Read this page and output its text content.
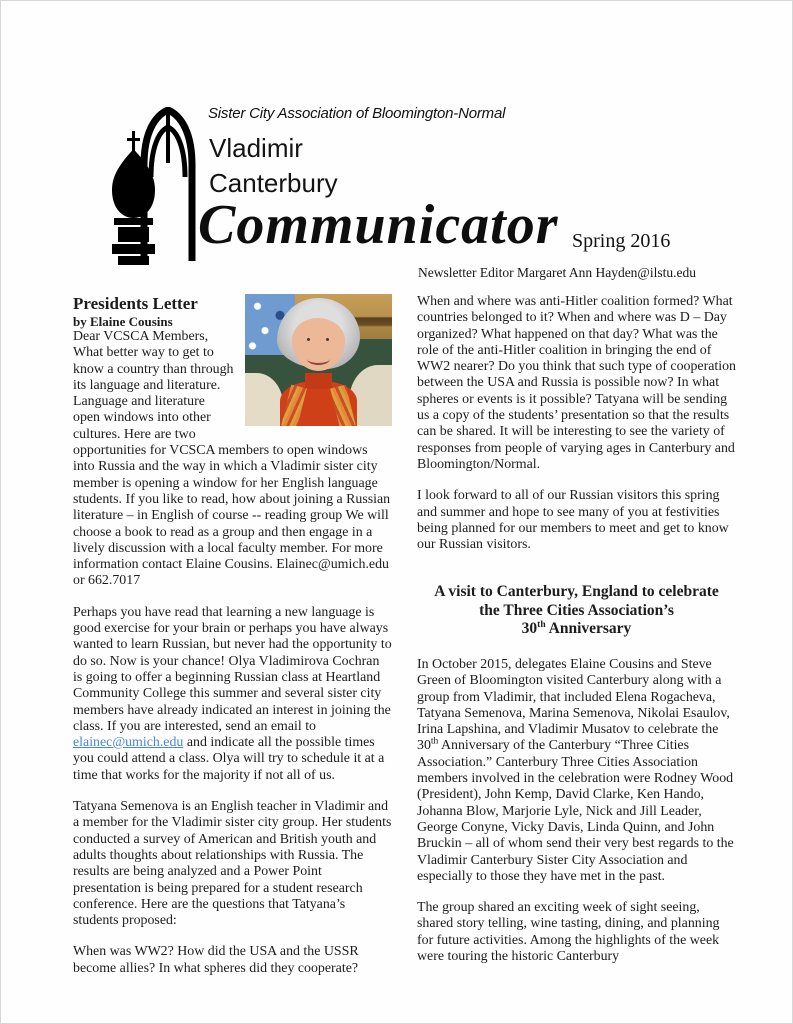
Sister City Association of Bloomington-Normal
Vladimir
Canterbury
Communicator Spring 2016
Newsletter Editor Margaret Ann Hayden@ilstu.edu
Presidents Letter
by Elaine Cousins

Dear VCSCA Members,
What better way to get to know a country than through its language and literature. Language and literature open windows into other cultures. Here are two opportunities for VCSCA members to open windows into Russia and the way in which a Vladimir sister city member is opening a window for her English language students. If you like to read, how about joining a Russian literature – in English of course -- reading group We will choose a book to read as a group and then engage in a lively discussion with a local faculty member. For more information contact Elaine Cousins. Elainec@umich.edu or 662.7017

Perhaps you have read that learning a new language is good exercise for your brain or perhaps you have always wanted to learn Russian, but never had the opportunity to do so. Now is your chance! Olya Vladimirova Cochran is going to offer a beginning Russian class at Heartland Community College this summer and several sister city members have already indicated an interest in joining the class. If you are interested, send an email to elainec@umich.edu and indicate all the possible times you could attend a class. Olya will try to schedule it at a time that works for the majority if not all of us.

Tatyana Semenova is an English teacher in Vladimir and a member for the Vladimir sister city group. Her students conducted a survey of American and British youth and adults thoughts about relationships with Russia. The results are being analyzed and a Power Point presentation is being prepared for a student research conference. Here are the questions that Tatyana’s students proposed:

When was WW2? How did the USA and the USSR become allies? In what spheres did they cooperate?

When and where was anti-Hitler coalition formed? What countries belonged to it? When and where was D – Day organized? What happened on that day? What was the role of the anti-Hitler coalition in bringing the end of WW2 nearer? Do you think that such type of cooperation between the USA and Russia is possible now? In what spheres or events is it possible? Tatyana will be sending us a copy of the students’ presentation so that the results can be shared. It will be interesting to see the variety of responses from people of varying ages in Canterbury and Bloomington/Normal.

I look forward to all of our Russian visitors this spring and summer and hope to see many of you at festivities being planned for our members to meet and get to know our Russian visitors.

A visit to Canterbury, England to celebrate
the Three Cities Association’s
30th Anniversary

In October 2015, delegates Elaine Cousins and Steve Green of Bloomington visited Canterbury along with a group from Vladimir, that included Elena Rogacheva, Tatyana Semenova, Marina Semenova, Nikolai Esaulov, Irina Lapshina, and Vladimir Musatov to celebrate the 30th Anniversary of the Canterbury “Three Cities Association.” Canterbury Three Cities Association members involved in the celebration were Rodney Wood (President), John Kemp, David Clarke, Ken Hando, Johanna Blow, Marjorie Lyle, Nick and Jill Leader, George Conyne, Vicky Davis, Linda Quinn, and John Bruckin – all of whom send their very best regards to the Vladimir Canterbury Sister City Association and especially to those they have met in the past.

The group shared an exciting week of sight seeing, shared story telling, wine tasting, dining, and planning for future activities. Among the highlights of the week were touring the historic Canterbury
